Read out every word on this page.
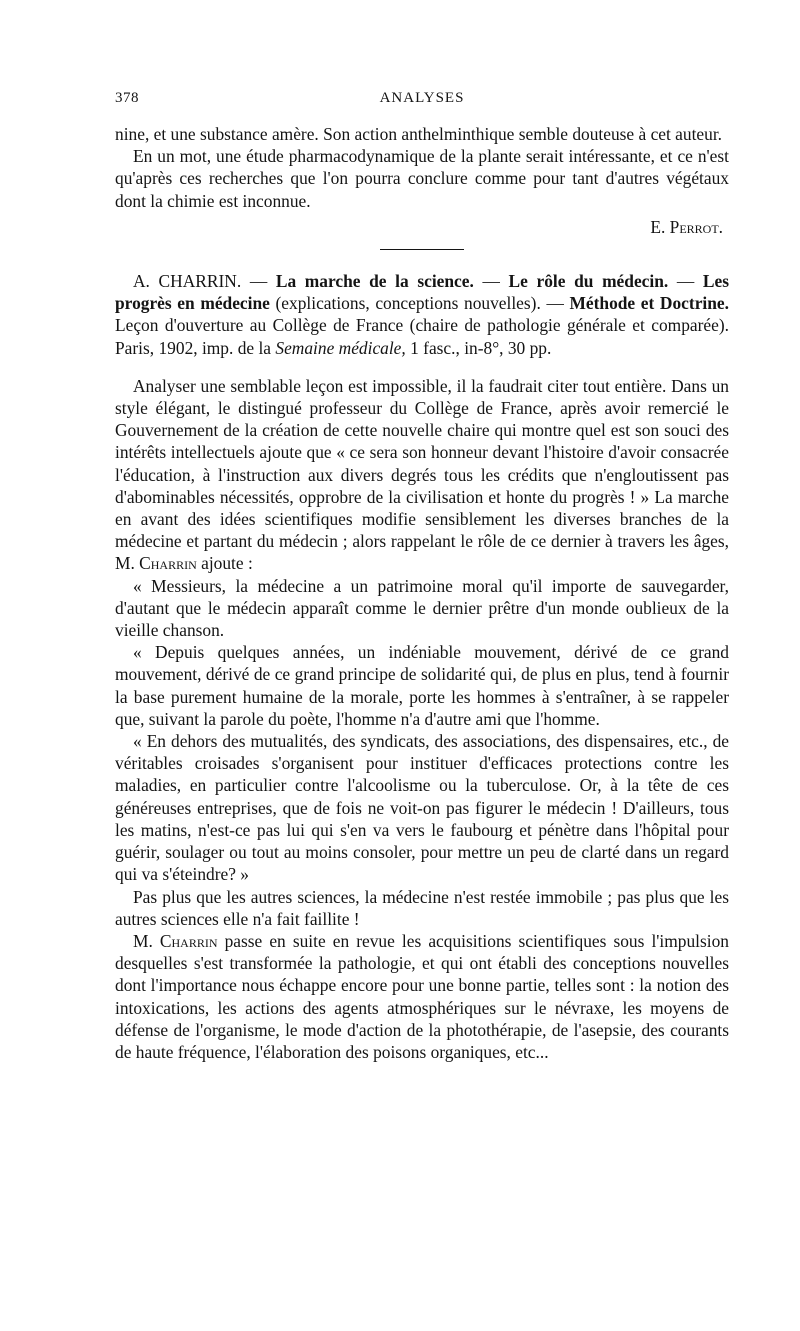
378	ANALYSES

nine, et une substance amère. Son action anthelminthique semble douteuse à cet auteur.

En un mot, une étude pharmacodynamique de la plante serait intéressante, et ce n'est qu'après ces recherches que l'on pourra conclure comme pour tant d'autres végétaux dont la chimie est inconnue.

E. Perrot.

A. CHARRIN. — La marche de la science. — Le rôle du médecin. — Les progrès en médecine (explications, conceptions nouvelles). — Méthode et Doctrine. Leçon d'ouverture au Collège de France (chaire de pathologie générale et comparée). Paris, 1902, imp. de la Semaine médicale, 1 fasc., in-8°, 30 pp.

Analyser une semblable leçon est impossible, il la faudrait citer tout entière. Dans un style élégant, le distingué professeur du Collège de France, après avoir remercié le Gouvernement de la création de cette nouvelle chaire qui montre quel est son souci des intérêts intellectuels ajoute que « ce sera son honneur devant l'histoire d'avoir consacrée l'éducation, à l'instruction aux divers degrés tous les crédits que n'engloutissent pas d'abominables nécessités, opprobre de la civilisation et honte du progrès ! » La marche en avant des idées scientifiques modifie sensiblement les diverses branches de la médecine et partant du médecin ; alors rappelant le rôle de ce dernier à travers les âges, M. Charrin ajoute :

« Messieurs, la médecine a un patrimoine moral qu'il importe de sauvegarder, d'autant que le médecin apparaît comme le dernier prêtre d'un monde oublieux de la vieille chanson.

« Depuis quelques années, un indéniable mouvement, dérivé de ce grand mouvement, dérivé de ce grand principe de solidarité qui, de plus en plus, tend à fournir la base purement humaine de la morale, porte les hommes à s'entraîner, à se rappeler que, suivant la parole du poète, l'homme n'a d'autre ami que l'homme.

« En dehors des mutualités, des syndicats, des associations, des dispensaires, etc., de véritables croisades s'organisent pour instituer d'efficaces protections contre les maladies, en particulier contre l'alcoolisme ou la tuberculose. Or, à la tête de ces généreuses entreprises, que de fois ne voit-on pas figurer le médecin ! D'ailleurs, tous les matins, n'est-ce pas lui qui s'en va vers le faubourg et pénètre dans l'hôpital pour guérir, soulager ou tout au moins consoler, pour mettre un peu de clarté dans un regard qui va s'éteindre? »

Pas plus que les autres sciences, la médecine n'est restée immobile ; pas plus que les autres sciences elle n'a fait faillite !

M. Charrin passe en suite en revue les acquisitions scientifiques sous l'impulsion desquelles s'est transformée la pathologie, et qui ont établi des conceptions nouvelles dont l'importance nous échappe encore pour une bonne partie, telles sont : la notion des intoxications, les actions des agents atmosphériques sur le névraxe, les moyens de défense de l'organisme, le mode d'action de la photothérapie, de l'asepsie, des courants de haute fréquence, l'élaboration des poisons organiques, etc...
